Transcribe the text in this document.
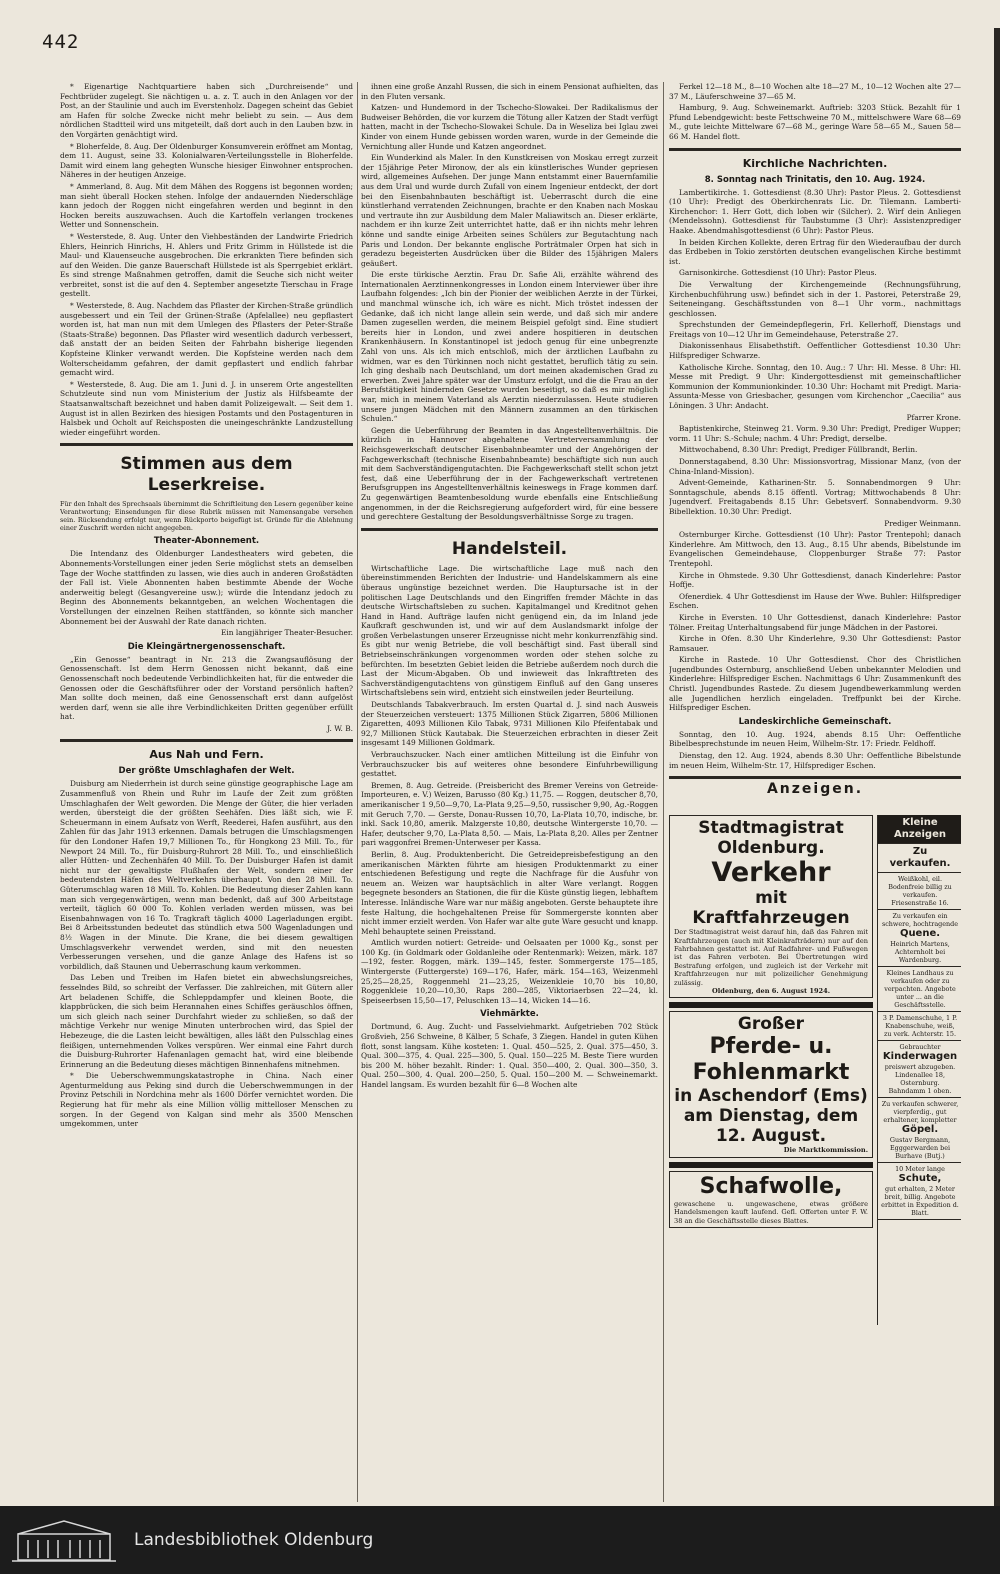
442

* Eigenartige Nachtquartiere haben sich „Durchreisende“ und Fechtbrüder zugelegt. Sie nächtigen u. a. z. T. auch in den Anlagen vor der Post, an der Staulinie und auch im Everstenholz. Dagegen scheint das Gebiet am Hafen für solche Zwecke nicht mehr beliebt zu sein. — Aus dem nördlichen Stadtteil wird uns mitgeteilt, daß dort auch in den Lauben bzw. in den Vorgärten genächtigt wird.

* Bloherfelde, 8. Aug. Der Oldenburger Konsumverein eröffnet am Montag, dem 11. August, seine 33. Kolonialwaren-Verteilungsstelle in Bloherfelde. Damit wird einem lang gehegten Wunsche hiesiger Einwohner entsprochen. Näheres in der heutigen Anzeige.

* Ammerland, 8. Aug. Mit dem Mähen des Roggens ist begonnen worden; man sieht überall Hocken stehen. Infolge der andauernden Niederschläge kann jedoch der Roggen nicht eingefahren werden und beginnt in den Hocken bereits auszuwachsen. Auch die Kartoffeln verlangen trockenes Wetter und Sonnenschein.

* Westerstede, 8. Aug. Unter den Viehbeständen der Landwirte Friedrich Ehlers, Heinrich Hinrichs, H. Ahlers und Fritz Grimm in Hüllstede ist die Maul- und Klauenseuche ausgebrochen. Die erkrankten Tiere befinden sich auf den Weiden. Die ganze Bauerschaft Hüllstede ist als Sperrgebiet erklärt. Es sind strenge Maßnahmen getroffen, damit die Seuche sich nicht weiter verbreitet, sonst ist die auf den 4. September angesetzte Tierschau in Frage gestellt.

* Westerstede, 8. Aug. Nachdem das Pflaster der Kirchen-Straße gründlich ausgebessert und ein Teil der Grünen-Straße (Apfelallee) neu gepflastert worden ist, hat man nun mit dem Umlegen des Pflasters der Peter-Straße (Staats-Straße) begonnen. Das Pflaster wird wesentlich dadurch verbessert, daß anstatt der an beiden Seiten der Fahrbahn bisherige liegenden Kopfsteine Klinker verwandt werden. Die Kopfsteine werden nach dem Wolterscheidamm gefahren, der damit gepflastert und endlich fahrbar gemacht wird.

* Westerstede, 8. Aug. Die am 1. Juni d. J. in unserem Orte angestellten Schutzleute sind nun vom Ministerium der Justiz als Hilfsbeamte der Staatsanwaltschaft bezeichnet und haben damit Polizeigewalt. — Seit dem 1. August ist in allen Bezirken des hiesigen Postamts und den Postagenturen in Halsbek und Ocholt auf Reichsposten die uneingeschränkte Landzustellung wieder eingeführt worden.

Stimmen aus dem Leserkreise.

Für den Inhalt des Sprechsaals übernimmt die Schriftleitung den Lesern gegenüber keine Verantwortung; Einsendungen für diese Rubrik müssen mit Namensangabe versehen sein. Rücksendung erfolgt nur, wenn Rückporto beigefügt ist. Gründe für die Ablehnung einer Zuschrift werden nicht angegeben.

Theater-Abonnement.

Die Intendanz des Oldenburger Landestheaters wird gebeten, die Abonnements-Vorstellungen einer jeden Serie möglichst stets an demselben Tage der Woche stattfinden zu lassen, wie dies auch in anderen Großstädten der Fall ist. Viele Abonnenten haben bestimmte Abende der Woche anderweitig belegt (Gesangvereine usw.); würde die Intendanz jedoch zu Beginn des Abonnements bekanntgeben, an welchen Wochentagen die Vorstellungen der einzelnen Reihen stattfänden, so könnte sich mancher Abonnement bei der Auswahl der Rate danach richten.

Ein langjähriger Theater-Besucher.

Die Kleingärtnergenossenschaft.

„Ein Genosse“ beantragt in Nr. 213 die Zwangsauflösung der Genossenschaft. Ist dem Herrn Genossen nicht bekannt, daß eine Genossenschaft noch bedeutende Verbindlichkeiten hat, für die entweder die Genossen oder die Geschäftsführer oder der Vorstand persönlich haften? Man sollte doch meinen, daß eine Genossenschaft erst dann aufgelöst werden darf, wenn sie alle ihre Verbindlichkeiten Dritten gegenüber erfüllt hat.

J. W. B.

Aus Nah und Fern.
Der größte Umschlaghafen der Welt.

Duisburg am Niederrhein ist durch seine günstige geographische Lage am Zusammenfluß von Rhein und Ruhr im Laufe der Zeit zum größten Umschlaghafen der Welt geworden. Die Menge der Güter, die hier verladen werden, übersteigt die der größten Seehäfen. Dies läßt sich, wie F. Scheuermann in einem Aufsatz von Werft, Reederei, Hafen ausführt, aus den Zahlen für das Jahr 1913 erkennen. Damals betrugen die Umschlagsmengen für den Londoner Hafen 19,7 Millionen To., für Hongkong 23 Mill. To., für Newport 24 Mill. To., für Duisburg-Ruhrort 28 Mill. To., und einschließlich aller Hütten- und Zechenhäfen 40 Mill. To. Der Duisburger Hafen ist damit nicht nur der gewaltigste Flußhafen der Welt, sondern einer der bedeutendsten Häfen des Weltverkehrs überhaupt. Von den 28 Mill. To. Güterumschlag waren 18 Mill. To. Kohlen. Die Bedeutung dieser Zahlen kann man sich vergegenwärtigen, wenn man bedenkt, daß auf 300 Arbeitstage verteilt, täglich 60 000 To. Kohlen verladen werden müssen, was bei Eisenbahnwagen von 16 To. Tragkraft täglich 4000 Lagerladungen ergibt. Bei 8 Arbeitsstunden bedeutet das stündlich etwa 500 Wagenladungen und 8½ Wagen in der Minute. Die Krane, die bei diesem gewaltigen Umschlagsverkehr verwendet werden, sind mit den neuesten Verbesserungen versehen, und die ganze Anlage des Hafens ist so vorbildlich, daß Staunen und Ueberraschung kaum verkommen.

Das Leben und Treiben im Hafen bietet ein abwechslungsreiches, fesselndes Bild, so schreibt der Verfasser. Die zahlreichen, mit Gütern aller Art beladenen Schiffe, die Schleppdampfer und kleinen Boote, die klappbrücken, die sich beim Herannahen eines Schiffes geräuschlos öffnen, um sich gleich nach seiner Durchfahrt wieder zu schließen, so daß der mächtige Verkehr nur wenige Minuten unterbrochen wird, das Spiel der Hebezeuge, die die Lasten leicht bewältigen, alles läßt den Pulsschlag eines fleißigen, unternehmenden Volkes verspüren. Wer einmal eine Fahrt durch die Duisburg-Ruhrorter Hafenanlagen gemacht hat, wird eine bleibende Erinnerung an die Bedeutung dieses mächtigen Binnenhafens mitnehmen.

* Die Ueberschwemmungskatastrophe in China. Nach einer Agenturmeldung aus Peking sind durch die Ueberschwemmungen in der Provinz Petschili in Nordchina mehr als 1600 Dörfer vernichtet worden. Die Regierung hat für mehr als eine Million völlig mittelloser Menschen zu sorgen. In der Gegend von Kalgan sind mehr als 3500 Menschen umgekommen, unter

ihnen eine große Anzahl Russen, die sich in einem Pensionat aufhielten, das in den Fluten versank.

Katzen- und Hundemord in der Tschecho-Slowakei. Der Radikalismus der Budweiser Behörden, die vor kurzem die Tötung aller Katzen der Stadt verfügt hatten, macht in der Tschecho-Slowakei Schule. Da in Weseliza bei Iglau zwei Kinder von einem Hunde gebissen worden waren, wurde in der Gemeinde die Vernichtung aller Hunde und Katzen angeordnet.

Ein Wunderkind als Maler. In den Kunstkreisen von Moskau erregt zurzeit der 15jährige Peter Mironow, der als ein künstlerisches Wunder gepriesen wird, allgemeines Aufsehen. Der junge Mann entstammt einer Bauernfamilie aus dem Ural und wurde durch Zufall von einem Ingenieur entdeckt, der dort bei den Eisenbahnbauten beschäftigt ist. Ueberrascht durch die eine künstlerhand verratenden Zeichnungen, brachte er den Knaben nach Moskau und vertraute ihn zur Ausbildung dem Maler Maliawitsch an. Dieser erklärte, nachdem er ihn kurze Zeit unterrichtet hatte, daß er ihn nichts mehr lehren könne und sandte einige Arbeiten seines Schülers zur Begutachtung nach Paris und London. Der bekannte englische Porträtmaler Orpen hat sich in geradezu begeisterten Ausdrücken über die Bilder des 15jährigen Malers geäußert.

Die erste türkische Aerztin. Frau Dr. Safie Ali, erzählte während des Internationalen Aerztinnenkongresses in London einem Interviewer über ihre Laufbahn folgendes: „Ich bin der Pionier der weiblichen Aerzte in der Türkei, und manchmal wünsche ich, ich wäre es nicht. Mich tröstet indessen der Gedanke, daß ich nicht lange allein sein werde, und daß sich mir andere Damen zugesellen werden, die meinem Beispiel gefolgt sind. Eine studiert bereits hier in London, und zwei andere hospitieren in deutschen Krankenhäusern. In Konstantinopel ist jedoch genug für eine unbegrenzte Zahl von uns. Als ich mich entschloß, mich der ärztlichen Laufbahn zu widmen, war es den Türkinnen noch nicht gestattet, beruflich tätig zu sein. Ich ging deshalb nach Deutschland, um dort meinen akademischen Grad zu erwerben. Zwei Jahre später war der Umsturz erfolgt, und die die Frau an der Berufstätigkeit hindernden Gesetze wurden beseitigt, so daß es mir möglich war, mich in meinem Vaterland als Aerztin niederzulassen. Heute studieren unsere jungen Mädchen mit den Männern zusammen an den türkischen Schulen.“

Gegen die Ueberführung der Beamten in das Angestelltenverhältnis. Die kürzlich in Hannover abgehaltene Vertreterversammlung der Reichsgewerkschaft deutscher Eisenbahnbeamter und der Angehörigen der Fachgewerkschaft (technische Eisenbahnbeamte) beschäftigte sich nun auch mit dem Sachverständigengutachten. Die Fachgewerkschaft stellt schon jetzt fest, daß eine Ueberführung der in der Fachgewerkschaft vertretenen Berufsgruppen ins Angestelltenverhältnis keineswegs in Frage kommen darf. Zu gegenwärtigen Beamtenbesoldung wurde ebenfalls eine Entschließung angenommen, in der die Reichsregierung aufgefordert wird, für eine bessere und gerechtere Gestaltung der Besoldungsverhältnisse Sorge zu tragen.

Handelsteil.

Wirtschaftliche Lage. Die wirtschaftliche Lage muß nach den übereinstimmenden Berichten der Industrie- und Handelskammern als eine überaus ungünstige bezeichnet werden. Die Hauptursache ist in der politischen Lage Deutschlands und den Eingriffen fremder Mächte in das deutsche Wirtschaftsleben zu suchen. Kapitalmangel und Kreditnot gehen Hand in Hand. Aufträge laufen nicht genügend ein, da im Inland jede Kaufkraft geschwunden ist, und wir auf dem Auslandsmarkt infolge der großen Verbelastungen unserer Erzeugnisse nicht mehr konkurrenzfähig sind. Es gibt nur wenig Betriebe, die voll beschäftigt sind. Fast überall sind Betriebseinschränkungen vorgenommen worden oder stehen solche zu befürchten. Im besetzten Gebiet leiden die Betriebe außerdem noch durch die Last der Micum-Abgaben. Ob und inwieweit das Inkrafttreten des Sachverständigengutachtens von günstigem Einfluß auf den Gang unseres Wirtschaftslebens sein wird, entzieht sich einstweilen jeder Beurteilung.

Deutschlands Tabakverbrauch. Im ersten Quartal d. J. sind nach Ausweis der Steuerzeichen versteuert: 1375 Millionen Stück Zigarren, 5806 Millionen Zigaretten, 4093 Millionen Kilo Tabak, 9731 Millionen Kilo Pfeifentabak und 92,7 Millionen Stück Kautabak. Die Steuerzeichen erbrachten in dieser Zeit insgesamt 149 Millionen Goldmark.

Verbrauchszucker. Nach einer amtlichen Mitteilung ist die Einfuhr von Verbrauchszucker bis auf weiteres ohne besondere Einfuhrbewilligung gestattet.

Bremen, 8. Aug. Getreide. (Preisbericht des Bremer Vereins von Getreide-Importeuren, e. V.) Weizen, Barusso (80 Kg.) 11,75. — Roggen, deutscher 8,70, amerikanischer 1 9,50—9,70, La-Plata 9,25—9,50, russischer 9,90, Ag.-Roggen mit Geruch 7,70. — Gerste, Donau-Russen 10,70, La-Plata 10,70, indische, br. inkl. Sack 10,80, amerik. Malzgerste 10,80, deutsche Wintergerste 10,70. — Hafer, deutscher 9,70, La-Plata 8,50. — Mais, La-Plata 8,20. Alles per Zentner pari waggonfrei Bremen-Unterweser per Kassa.

Berlin, 8. Aug. Produktenbericht. Die Getreidepreisbefestigung an den amerikanischen Märkten führte am hiesigen Produktenmarkt zu einer entschiedenen Befestigung und regte die Nachfrage für die Ausfuhr von neuem an. Weizen war hauptsächlich in alter Ware verlangt. Roggen begegnete besonders an Stationen, die für die Küste günstig liegen, lebhaftem Interesse. Inländische Ware war nur mäßig angeboten. Gerste behauptete ihre feste Haltung, die hochgehaltenen Preise für Sommergerste konnten aber nicht immer erzielt werden. Von Hafer war alte gute Ware gesucht und knapp. Mehl behauptete seinen Preisstand.

Amtlich wurden notiert: Getreide- und Oelsaaten per 1000 Kg., sonst per 100 Kg. (in Goldmark oder Goldanleihe oder Rentenmark): Weizen, märk. 187—192, fester. Roggen, märk. 139—145, fester. Sommergerste 175—185, Wintergerste (Futtergerste) 169—176, Hafer, märk. 154—163, Weizenmehl 25,25—28,25, Roggenmehl 21—23,25, Weizenkleie 10,70 bis 10,80, Roggenkleie 10,20—10,30, Raps 280—285, Viktoriaerbsen 22—24, kl. Speiseerbsen 15,50—17, Peluschken 13—14, Wicken 14—16.

Viehmärkte.

Dortmund, 6. Aug. Zucht- und Fasselviehmarkt. Aufgetrieben 702 Stück Großvieh, 256 Schweine, 8 Kälber, 5 Schafe, 3 Ziegen. Handel in guten Kühen flott, sonst langsam. Kühe kosteten: 1. Qual. 450—525, 2. Qual. 375—450, 3. Qual. 300—375, 4. Qual. 225—300, 5. Qual. 150—225 M. Beste Tiere wurden bis 200 M. höher bezahlt. Rinder: 1. Qual. 350—400, 2. Qual. 300—350, 3. Qual. 250—300, 4. Qual. 200—250, 5. Qual. 150—200 M. — Schweinemarkt. Handel langsam. Es wurden bezahlt für 6—8 Wochen alte

Ferkel 12—18 M., 8—10 Wochen alte 18—27 M., 10—12 Wochen alte 27—37 M., Läuferschweine 37—65 M.

Hamburg, 9. Aug. Schweinemarkt. Auftrieb: 3203 Stück. Bezahlt für 1 Pfund Lebendgewicht: beste Fettschweine 70 M., mittelschwere Ware 68—69 M., gute leichte Mittelware 67—68 M., geringe Ware 58—65 M., Sauen 58—66 M. Handel flott.

Kirchliche Nachrichten.
8. Sonntag nach Trinitatis, den 10. Aug. 1924.

Lambertikirche. 1. Gottesdienst (8.30 Uhr): Pastor Pleus. 2. Gottesdienst (10 Uhr): Predigt des Oberkirchenrats Lic. Dr. Tilemann. Lamberti-Kirchenchor: 1. Herr Gott, dich loben wir (Silcher). 2. Wirf dein Anliegen (Mendelssohn). Gottesdienst für Taubstumme (3 Uhr): Assistenzprediger Haake. Abendmahlsgottesdienst (6 Uhr): Pastor Pleus.

In beiden Kirchen Kollekte, deren Ertrag für den Wiederaufbau der durch das Erdbeben in Tokio zerstörten deutschen evangelischen Kirche bestimmt ist.

Garnisonkirche. Gottesdienst (10 Uhr): Pastor Pleus.

Die Verwaltung der Kirchengemeinde (Rechnungsführung, Kirchenbuchführung usw.) befindet sich in der 1. Pastorei, Peterstraße 29, Seiteneingang. Geschäftsstunden von 8—1 Uhr vorm., nachmittags geschlossen.

Sprechstunden der Gemeindepflegerin, Frl. Kellerhoff, Dienstags und Freitags von 10—12 Uhr im Gemeindehause, Peterstraße 27.

Diakonissenhaus Elisabethstift. Oeffentlicher Gottesdienst 10.30 Uhr: Hilfsprediger Schwarze.

Katholische Kirche. Sonntag, den 10. Aug.: 7 Uhr: Hl. Messe. 8 Uhr: Hl. Messe mit Predigt. 9 Uhr: Kindergottesdienst mit gemeinschaftlicher Kommunion der Kommunionkinder. 10.30 Uhr: Hochamt mit Predigt. Maria-Assunta-Messe von Griesbacher, gesungen vom Kirchenchor „Caecilia“ aus Löningen. 3 Uhr: Andacht.

Pfarrer Krone.

Baptistenkirche, Steinweg 21. Vorm. 9.30 Uhr: Predigt, Prediger Wupper; vorm. 11 Uhr: S.-Schule; nachm. 4 Uhr: Predigt, derselbe.

Mittwochabend, 8.30 Uhr: Predigt, Prediger Füllbrandt, Berlin.

Donnerstagabend, 8.30 Uhr: Missionsvortrag, Missionar Manz, (von der China-Inland-Mission).

Advent-Gemeinde, Katharinen-Str. 5. Sonnabendmorgen 9 Uhr: Sonntagschule, abends 8.15 öffentl. Vortrag; Mittwochabends 8 Uhr: Jugendverf. Freitagabends 8.15 Uhr: Gebetsverf. Sonnabendvorm. 9.30 Bibellektion. 10.30 Uhr: Predigt.

Prediger Weinmann.

Osternburger Kirche. Gottesdienst (10 Uhr): Pastor Trentepohl; danach Kinderlehre. Am Mittwoch, den 13. Aug., 8.15 Uhr abends, Bibelstunde im Evangelischen Gemeindehause, Cloppenburger Straße 77: Pastor Trentepohl.

Kirche in Ohmstede. 9.30 Uhr Gottesdienst, danach Kinderlehre: Pastor Hoffje.

Ofenerdiek. 4 Uhr Gottesdienst im Hause der Wwe. Buhler: Hilfsprediger Eschen.

Kirche in Eversten. 10 Uhr Gottesdienst, danach Kinderlehre: Pastor Tölner. Freitag Unterhaltungsabend für junge Mädchen in der Pastorei.

Kirche in Ofen. 8.30 Uhr Kinderlehre, 9.30 Uhr Gottesdienst: Pastor Ramsauer.

Kirche in Rastede. 10 Uhr Gottesdienst. Chor des Christlichen Jugendbundes Osternburg, anschließend Ueben unbekannter Melodien und Kinderlehre: Hilfsprediger Eschen. Nachmittags 6 Uhr: Zusammenkunft des Christl. Jugendbundes Rastede. Zu diesem Jugendbewerkammlung werden alle Jugendlichen herzlich eingeladen. Treffpunkt bei der Kirche. Hilfsprediger Eschen.

Landeskirchliche Gemeinschaft.

Sonntag, den 10. Aug. 1924, abends 8.15 Uhr: Oeffentliche Bibelbesprechstunde im neuen Heim, Wilhelm-Str. 17: Friedr. Feldhoff.

Dienstag, den 12. Aug. 1924, abends 8.30 Uhr: Oeffentliche Bibelstunde im neuen Heim, Wilhelm-Str. 17, Hilfsprediger Eschen.

Anzeigen.
Stadtmagistrat Oldenburg.
Verkehr
mit Kraftfahrzeugen
Der Stadtmagistrat weist darauf hin, daß das Fahren mit Kraftfahrzeugen (auch mit Kleinkrafträdern) nur auf den Fahrbahnen gestattet ist. Auf Radfahrer- und Fußwegen ist das Fahren verboten. Bei Übertretungen wird Bestrafung erfolgen, und zugleich ist der Verkehr mit Kraftfahrzeugen nur mit polizeilicher Genehmigung zulässig.
Oldenburg, den 6. August 1924.
Großer
Pferde- u. Fohlenmarkt
in Aschendorf (Ems)
am Dienstag, dem 12. August.
Die Marktkommission.
Schafwolle,
gewaschene u. ungewaschene, etwas größere Handelsmengen kauft laufend. Gefl. Offerten unter F. W. 38 an die Geschäftsstelle dieses Blattes.
Kleine Anzeigen
Zu verkaufen.
Weißkohl, eil. Bodenfreie billig zu verkaufen. Friesenstraße 16.
Zu verkaufen ein schwere, hochtragende
Quene.
Heinrich Martens, Achternholt bei Wardenburg.
Kleines Landhaus zu verkaufen oder zu verpachten. Angebote unter ... an die Geschäftsstelle.
3 P. Damenschuhe, 1 P. Knabenschuhe, weiß, zu verk. Achterstr. 15.
Gebrauchter
Kinderwagen
preiswert abzugeben. Lindenallee 18, Osternburg. Bahndamm 1 oben.
Zu verkaufen schwerer, vierpferdig., gut erhaltener, kompletter
Göpel.
Gustav Bergmann, Egggerwarden bei Burhave (Butj.)
10 Meter lange
Schute,
gut erhalten, 2 Meter breit, billig. Angebote erbittet in Expedition d. Blatt.
Landesbibliothek Oldenburg
